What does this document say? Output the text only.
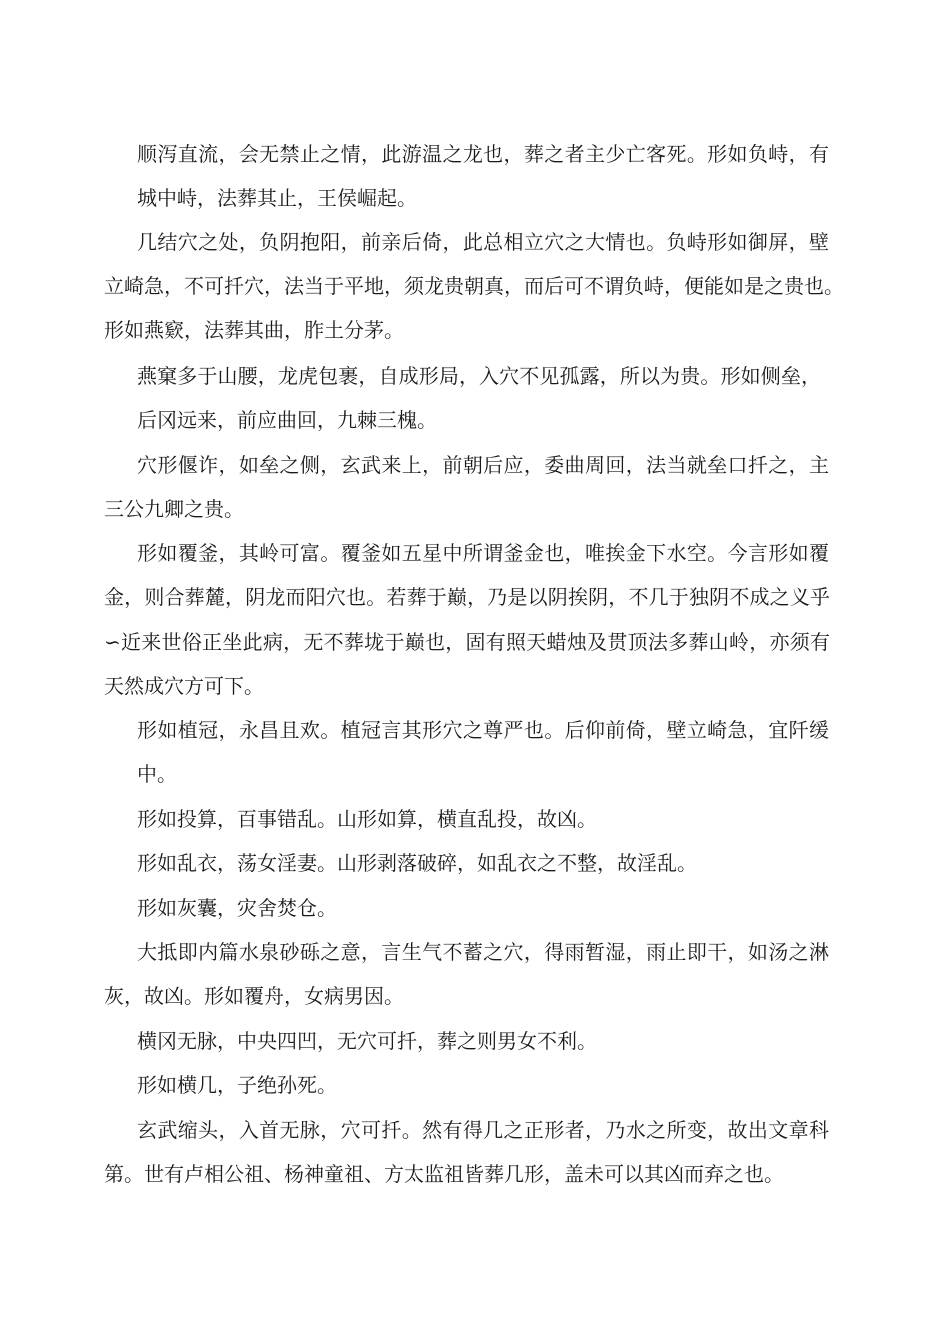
顺泻直流，会无禁止之情，此游温之龙也，葬之者主少亡客死。形如负峙，有
城中峙，法葬其止，王侯崛起。
几结穴之处，负阴抱阳，前亲后倚，此总相立穴之大情也。负峙形如御屏，壁
立崎急，不可扦穴，法当于平地，须龙贵朝真，而后可不谓负峙，便能如是之贵也。
形如燕窽，法葬其曲，胙土分茅。
燕窠多于山腰，龙虎包裹，自成形局，入穴不见孤露，所以为贵。形如侧垒，
后冈远来，前应曲回，九棘三槐。
穴形偃诈，如垒之侧，玄武来上，前朝后应，委曲周回，法当就垒口扦之，主
三公九卿之贵。
形如覆釜，其岭可富。覆釜如五星中所谓釜金也，唯挨金下水空。今言形如覆
金，则合葬麓，阴龙而阳穴也。若葬于巅，乃是以阴挨阴，不几于独阴不成之义乎
∽近来世俗正坐此病，无不葬垅于巅也，固有照天蜡烛及贯顶法多葬山岭，亦须有
天然成穴方可下。
形如植冠，永昌且欢。植冠言其形穴之尊严也。后仰前倚，壁立崎急，宜阡缓
中。
形如投算，百事错乱。山形如算，横直乱投，故凶。
形如乱衣，荡女淫妻。山形剥落破碎，如乱衣之不整，故淫乱。
形如灰囊，灾舍焚仓。
大抵即内篇水泉砂砾之意，言生气不蓄之穴，得雨暂湿，雨止即干，如汤之淋
灰，故凶。形如覆舟，女病男因。
横冈无脉，中央四凹，无穴可扦，葬之则男女不利。
形如横几，子绝孙死。
玄武缩头，入首无脉，穴可扦。然有得几之正形者，乃水之所变，故出文章科
第。世有卢相公祖、杨神童祖、方太监祖皆葬几形，盖未可以其凶而弃之也。
